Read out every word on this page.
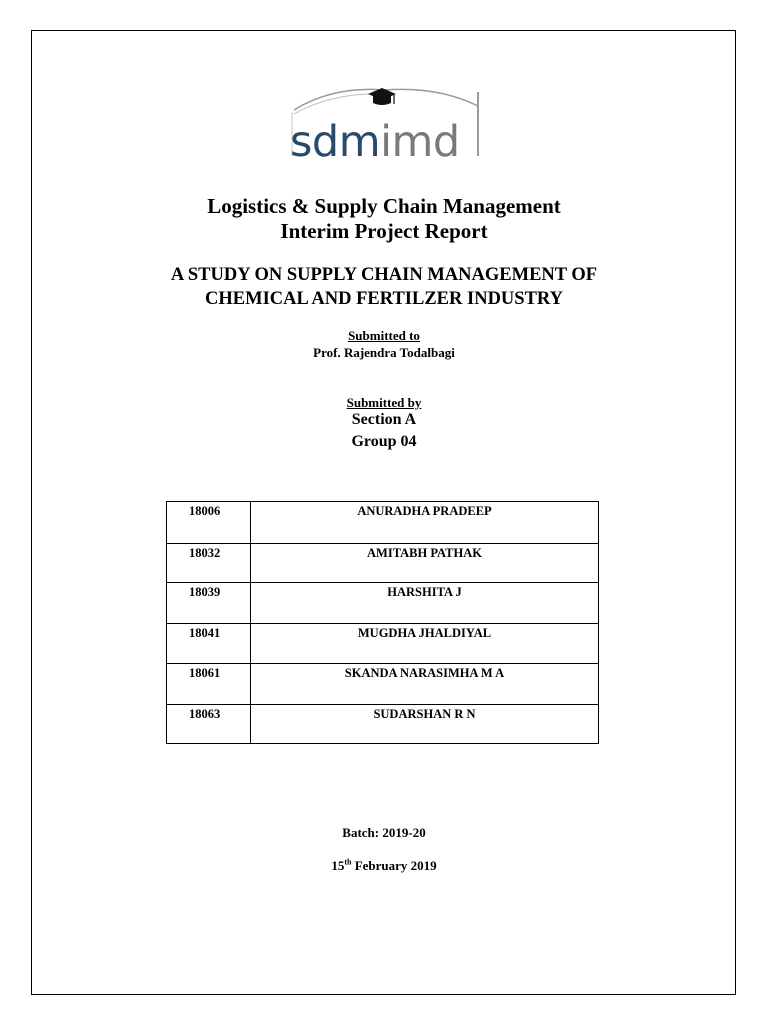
sdmimd
Logistics & Supply Chain Management
Interim Project Report
A STUDY ON SUPPLY CHAIN MANAGEMENT OF
CHEMICAL AND FERTILZER INDUSTRY
Submitted to
Prof. Rajendra Todalbagi
Submitted by
Section A
Group 04
18006	ANURADHA PRADEEP
18032	AMITABH PATHAK
18039	HARSHITA J
18041	MUGDHA JHALDIYAL
18061	SKANDA NARASIMHA M A
18063	SUDARSHAN R N
Batch: 2019-20
15th February 2019
